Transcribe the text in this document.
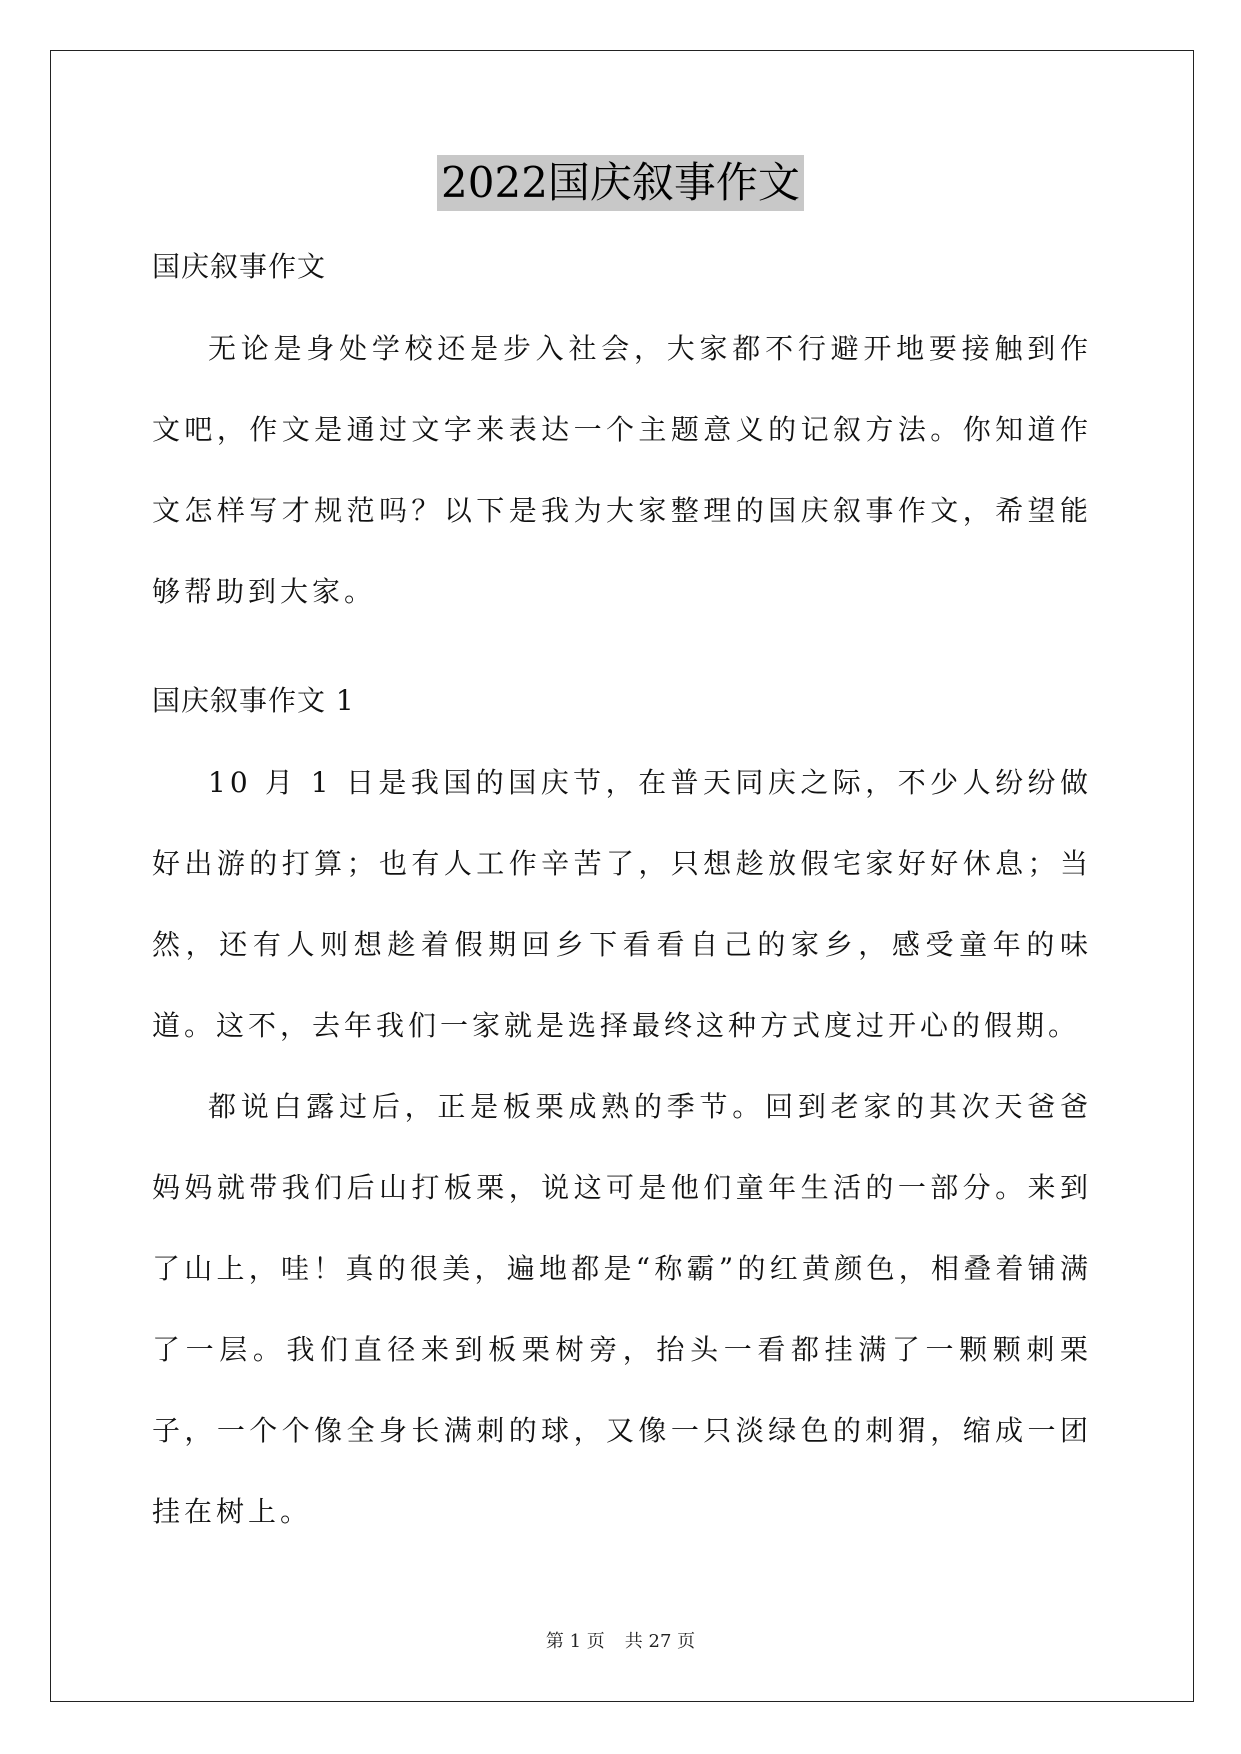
2022国庆叙事作文

国庆叙事作文

无论是身处学校还是步入社会，大家都不行避开地要接触到作文吧，作文是通过文字来表达一个主题意义的记叙方法。你知道作文怎样写才规范吗？以下是我为大家整理的国庆叙事作文，希望能够帮助到大家。

国庆叙事作文 1

10 月 1 日是我国的国庆节，在普天同庆之际，不少人纷纷做好出游的打算；也有人工作辛苦了，只想趁放假宅家好好休息；当然，还有人则想趁着假期回乡下看看自己的家乡，感受童年的味道。这不，去年我们一家就是选择最终这种方式度过开心的假期。

都说白露过后，正是板栗成熟的季节。回到老家的其次天爸爸妈妈就带我们后山打板栗，说这可是他们童年生活的一部分。来到了山上，哇！真的很美，遍地都是“称霸”的红黄颜色，相叠着铺满了一层。我们直径来到板栗树旁，抬头一看都挂满了一颗颗刺栗子，一个个像全身长满刺的球，又像一只淡绿色的刺猬，缩成一团挂在树上。

第 1 页 共 27 页
